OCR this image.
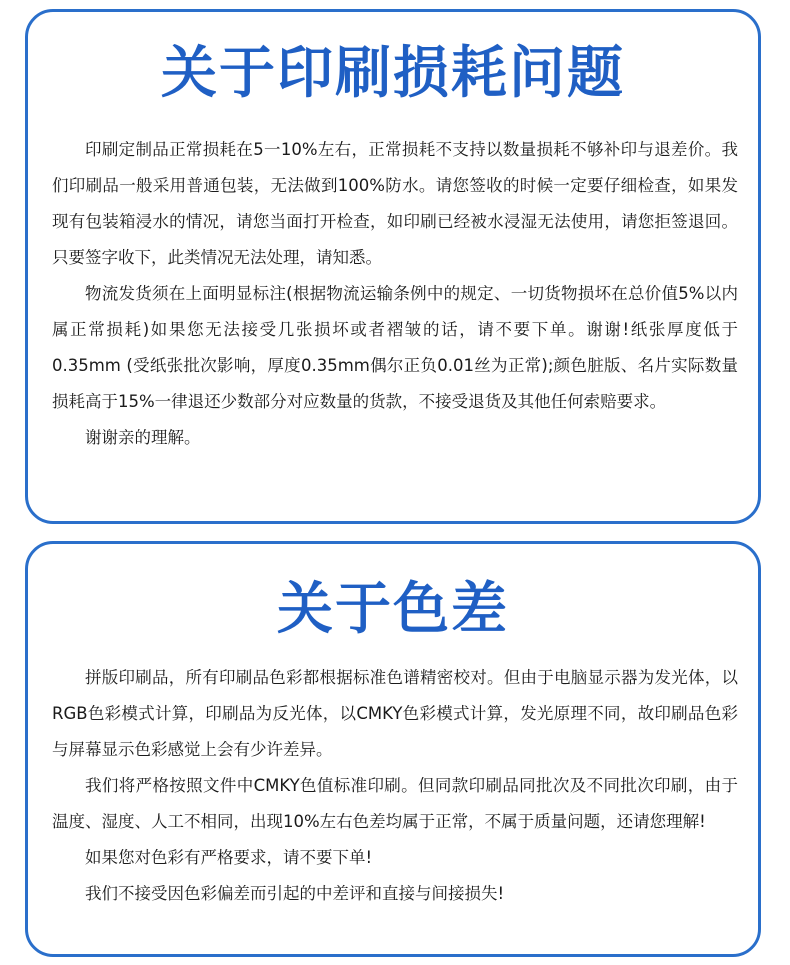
关于印刷损耗问题

印刷定制品正常损耗在5一10%左右，正常损耗不支持以数量损耗不够补印与退差价。我们印刷品一般采用普通包装，无法做到100%防水。请您签收的时候一定要仔细检查，如果发现有包装箱浸水的情况，请您当面打开检查，如印刷已经被水浸湿无法使用，请您拒签退回。只要签字收下，此类情况无法处理，请知悉。

物流发货须在上面明显标注(根据物流运输条例中的规定、一切货物损坏在总价值5%以内属正常损耗)如果您无法接受几张损坏或者褶皱的话，请不要下单。谢谢!纸张厚度低于0.35mm (受纸张批次影响，厚度0.35mm偶尔正负0.01丝为正常);颜色脏版、名片实际数量损耗高于15%一律退还少数部分对应数量的货款，不接受退货及其他任何索赔要求。

谢谢亲的理解。

关于色差

拼版印刷品，所有印刷品色彩都根据标准色谱精密校对。但由于电脑显示器为发光体，以RGB色彩模式计算，印刷品为反光体，以CMKY色彩模式计算，发光原理不同，故印刷品色彩与屏幕显示色彩感觉上会有少许差异。

我们将严格按照文件中CMKY色值标准印刷。但同款印刷品同批次及不同批次印刷，由于温度、湿度、人工不相同，出现10%左右色差均属于正常，不属于质量问题，还请您理解!

如果您对色彩有严格要求，请不要下单!

我们不接受因色彩偏差而引起的中差评和直接与间接损失!
